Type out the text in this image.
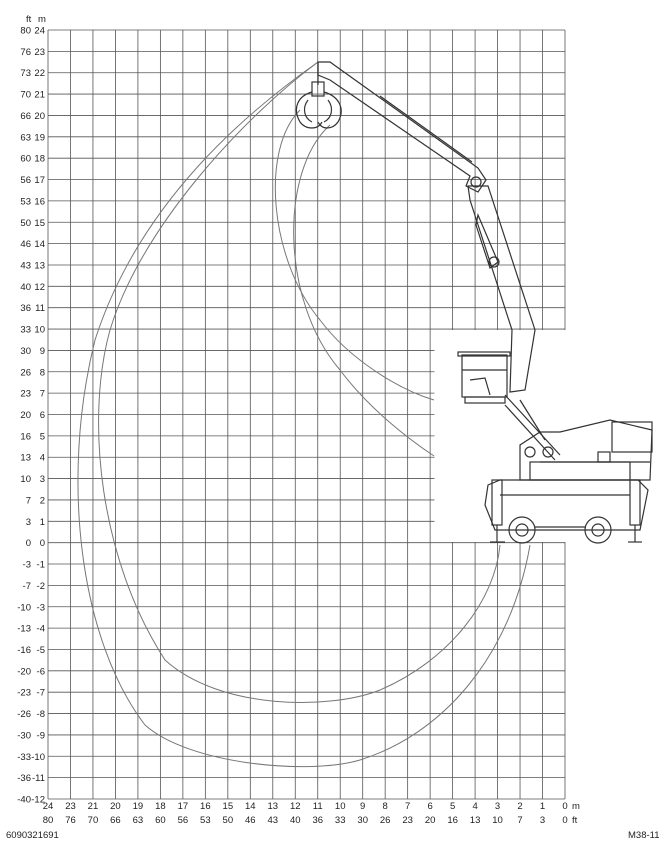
80 24
76 23
73 22
70 21
66 20
63 19
60 18
56 17
53 16
50 15
46 14
43 13
40 12
36 11
33 10
30 9
26 8
23 7
20 6
16 5
13 4
10 3
7 2
3 1
0 0
-3 -1
-7 -2
-10 -3
-13 -4
-16 -5
-20 -6
-23 -7
-26 -8
-30 -9
-33 -10
-36 -11
-40 -12
24
80
23
76
21
70
20
66
19
63
18
60
17
56
16
53
15
50
14
46
13
43
12
40
11
36
10
33
9
30
8
26
7
23
6
20
5
16
4
13
3
10
2
7
1
3
0
0
ft m
m
ft
6090321691	M38-11
